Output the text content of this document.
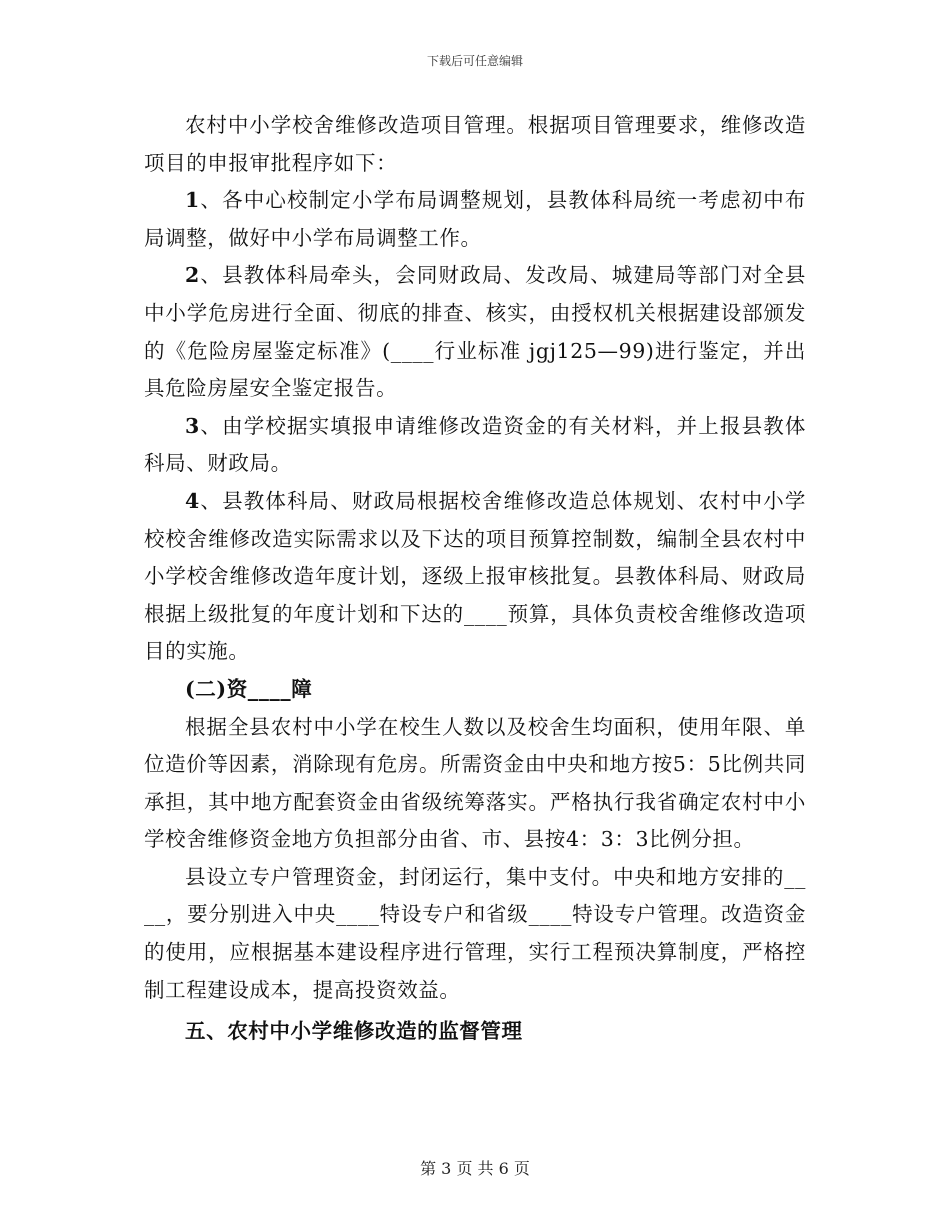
下载后可任意编辑

农村中小学校舍维修改造项目管理。根据项目管理要求，维修改造项目的申报审批程序如下：

1、各中心校制定小学布局调整规划，县教体科局统一考虑初中布局调整，做好中小学布局调整工作。

2、县教体科局牵头，会同财政局、发改局、城建局等部门对全县中小学危房进行全面、彻底的排查、核实，由授权机关根据建设部颁发的《危险房屋鉴定标准》(____行业标准 jgj125—99)进行鉴定，并出具危险房屋安全鉴定报告。

3、由学校据实填报申请维修改造资金的有关材料，并上报县教体科局、财政局。

4、县教体科局、财政局根据校舍维修改造总体规划、农村中小学校校舍维修改造实际需求以及下达的项目预算控制数，编制全县农村中小学校舍维修改造年度计划，逐级上报审核批复。县教体科局、财政局根据上级批复的年度计划和下达的____预算，具体负责校舍维修改造项目的实施。

(二)资____障

根据全县农村中小学在校生人数以及校舍生均面积，使用年限、单位造价等因素，消除现有危房。所需资金由中央和地方按5：5比例共同承担，其中地方配套资金由省级统筹落实。严格执行我省确定农村中小学校舍维修资金地方负担部分由省、市、县按4：3：3比例分担。

县设立专户管理资金，封闭运行，集中支付。中央和地方安排的____，要分别进入中央____特设专户和省级____特设专户管理。改造资金的使用，应根据基本建设程序进行管理，实行工程预决算制度，严格控制工程建设成本，提高投资效益。

五、农村中小学维修改造的监督管理

第 3 页 共 6 页
